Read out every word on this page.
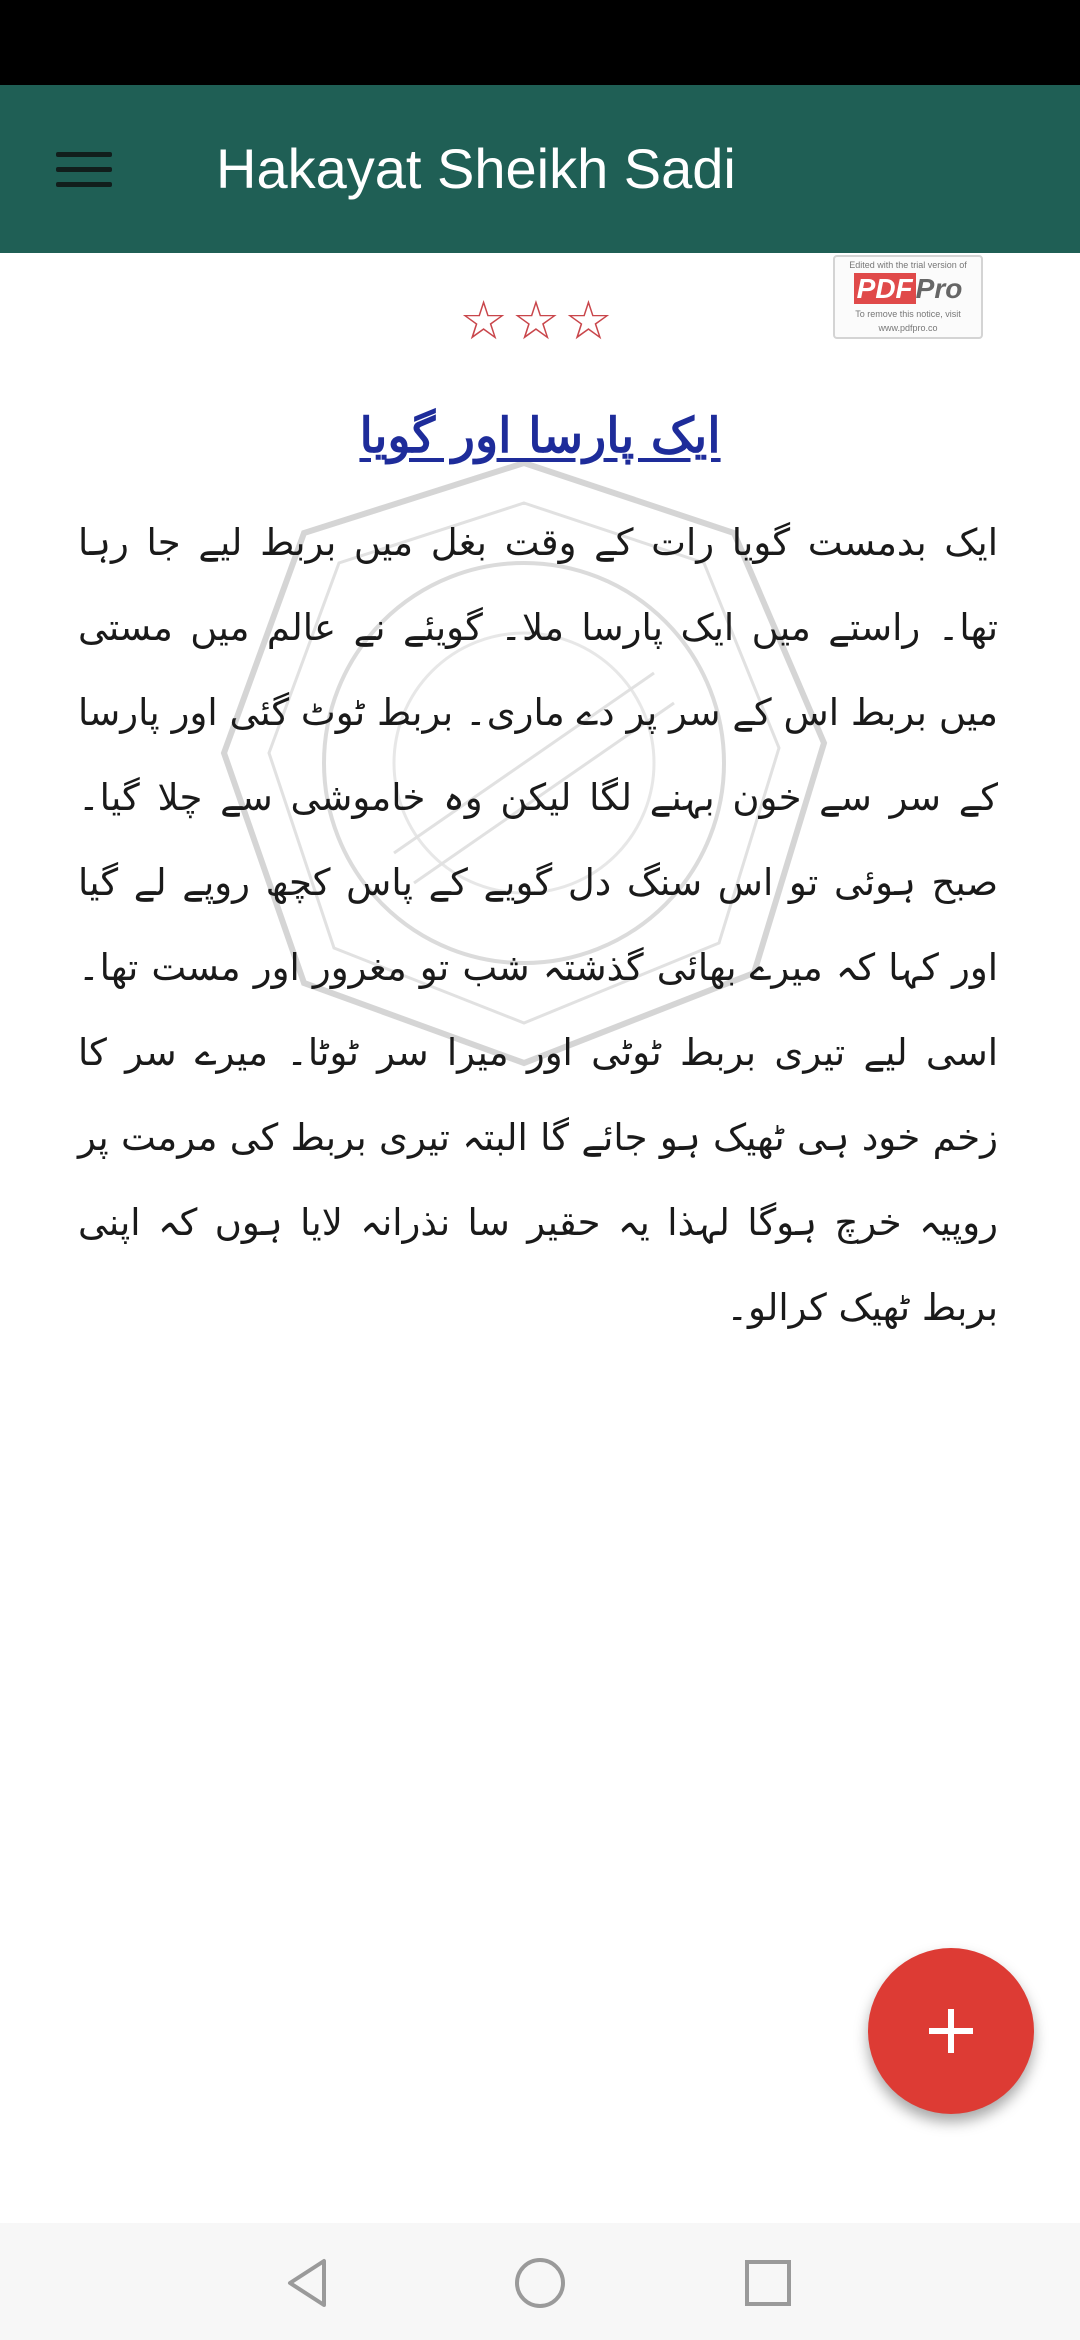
Hakayat Sheikh Sadi
Edited with the trial version of
PDF Pro
To remove this notice, visit
www.pdfpro.co
☆☆☆
ایک پارسا اور گویا
ایک بدمست گویا رات کے وقت بغل میں بربط لیے جا رہا تھا۔ راستے میں ایک پارسا ملا۔ گویئے نے عالم میں مستی میں بربط اس کے سر پر دے ماری۔ بربط ٹوٹ گئی اور پارسا کے سر سے خون بہنے لگا لیکن وہ خاموشی سے چلا گیا۔ صبح ہوئی تو اس سنگ دل گویے کے پاس کچھ روپے لے گیا اور کہا کہ میرے بھائی گذشتہ شب تو مغرور اور مست تھا۔ اسی لیے تیری بربط ٹوٹی اور میرا سر ٹوٹا۔ میرے سر کا زخم خود ہی ٹھیک ہو جائے گا البتہ تیری بربط کی مرمت پر روپیہ خرچ ہوگا لہذا یہ حقیر سا نذرانہ لایا ہوں کہ اپنی بربط ٹھیک کرالو۔
